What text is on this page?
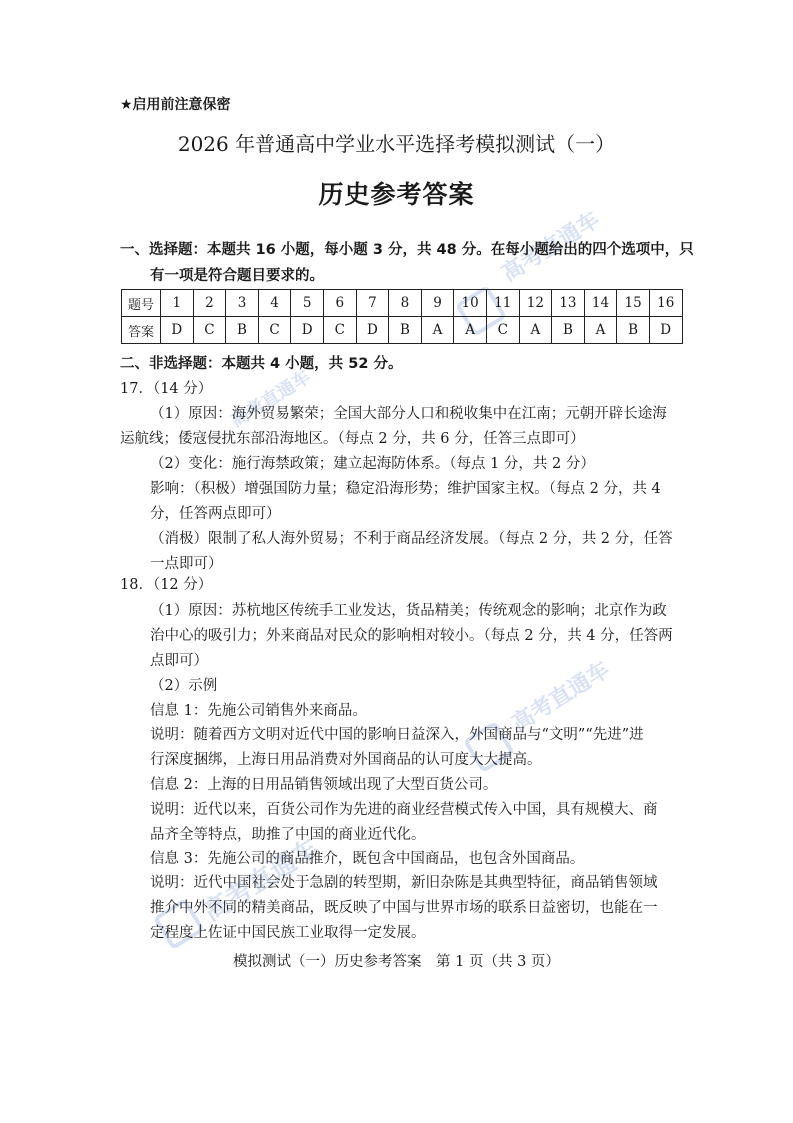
高考直通车
高考直通车
高考直通车
高考直通车
★启用前注意保密
2026 年普通高中学业水平选择考模拟测试（一）
历史参考答案
一、选择题：本题共 16 小题，每小题 3 分，共 48 分。在每小题给出的四个选项中，只
有一项是符合题目要求的。
题号	1	2	3	4	5	6	7	8	9	10	11	12	13	14	15	16
答案	D	C	B	C	D	C	D	B	A	A	C	A	B	A	B	D
二、非选择题：本题共 4 小题，共 52 分。
17．（14 分）
（1）原因：海外贸易繁荣；全国大部分人口和税收集中在江南；元朝开辟长途海
运航线；倭寇侵扰东部沿海地区。（每点 2 分，共 6 分，任答三点即可）
（2）变化：施行海禁政策；建立起海防体系。（每点 1 分，共 2 分）
影响：（积极）增强国防力量；稳定沿海形势；维护国家主权。（每点 2 分，共 4
分，任答两点即可）
（消极）限制了私人海外贸易；不利于商品经济发展。（每点 2 分，共 2 分，任答
一点即可）
18．（12 分）
（1）原因：苏杭地区传统手工业发达，货品精美；传统观念的影响；北京作为政
治中心的吸引力；外来商品对民众的影响相对较小。（每点 2 分，共 4 分，任答两
点即可）
（2）示例
信息 1：先施公司销售外来商品。
说明：随着西方文明对近代中国的影响日益深入，外国商品与“文明”“先进”进
行深度捆绑，上海日用品消费对外国商品的认可度大大提高。
信息 2：上海的日用品销售领域出现了大型百货公司。
说明：近代以来，百货公司作为先进的商业经营模式传入中国，具有规模大、商
品齐全等特点，助推了中国的商业近代化。
信息 3：先施公司的商品推介，既包含中国商品，也包含外国商品。
说明：近代中国社会处于急剧的转型期，新旧杂陈是其典型特征，商品销售领域
推介中外不同的精美商品，既反映了中国与世界市场的联系日益密切，也能在一
定程度上佐证中国民族工业取得一定发展。
模拟测试（一）历史参考答案　第 1 页（共 3 页）
